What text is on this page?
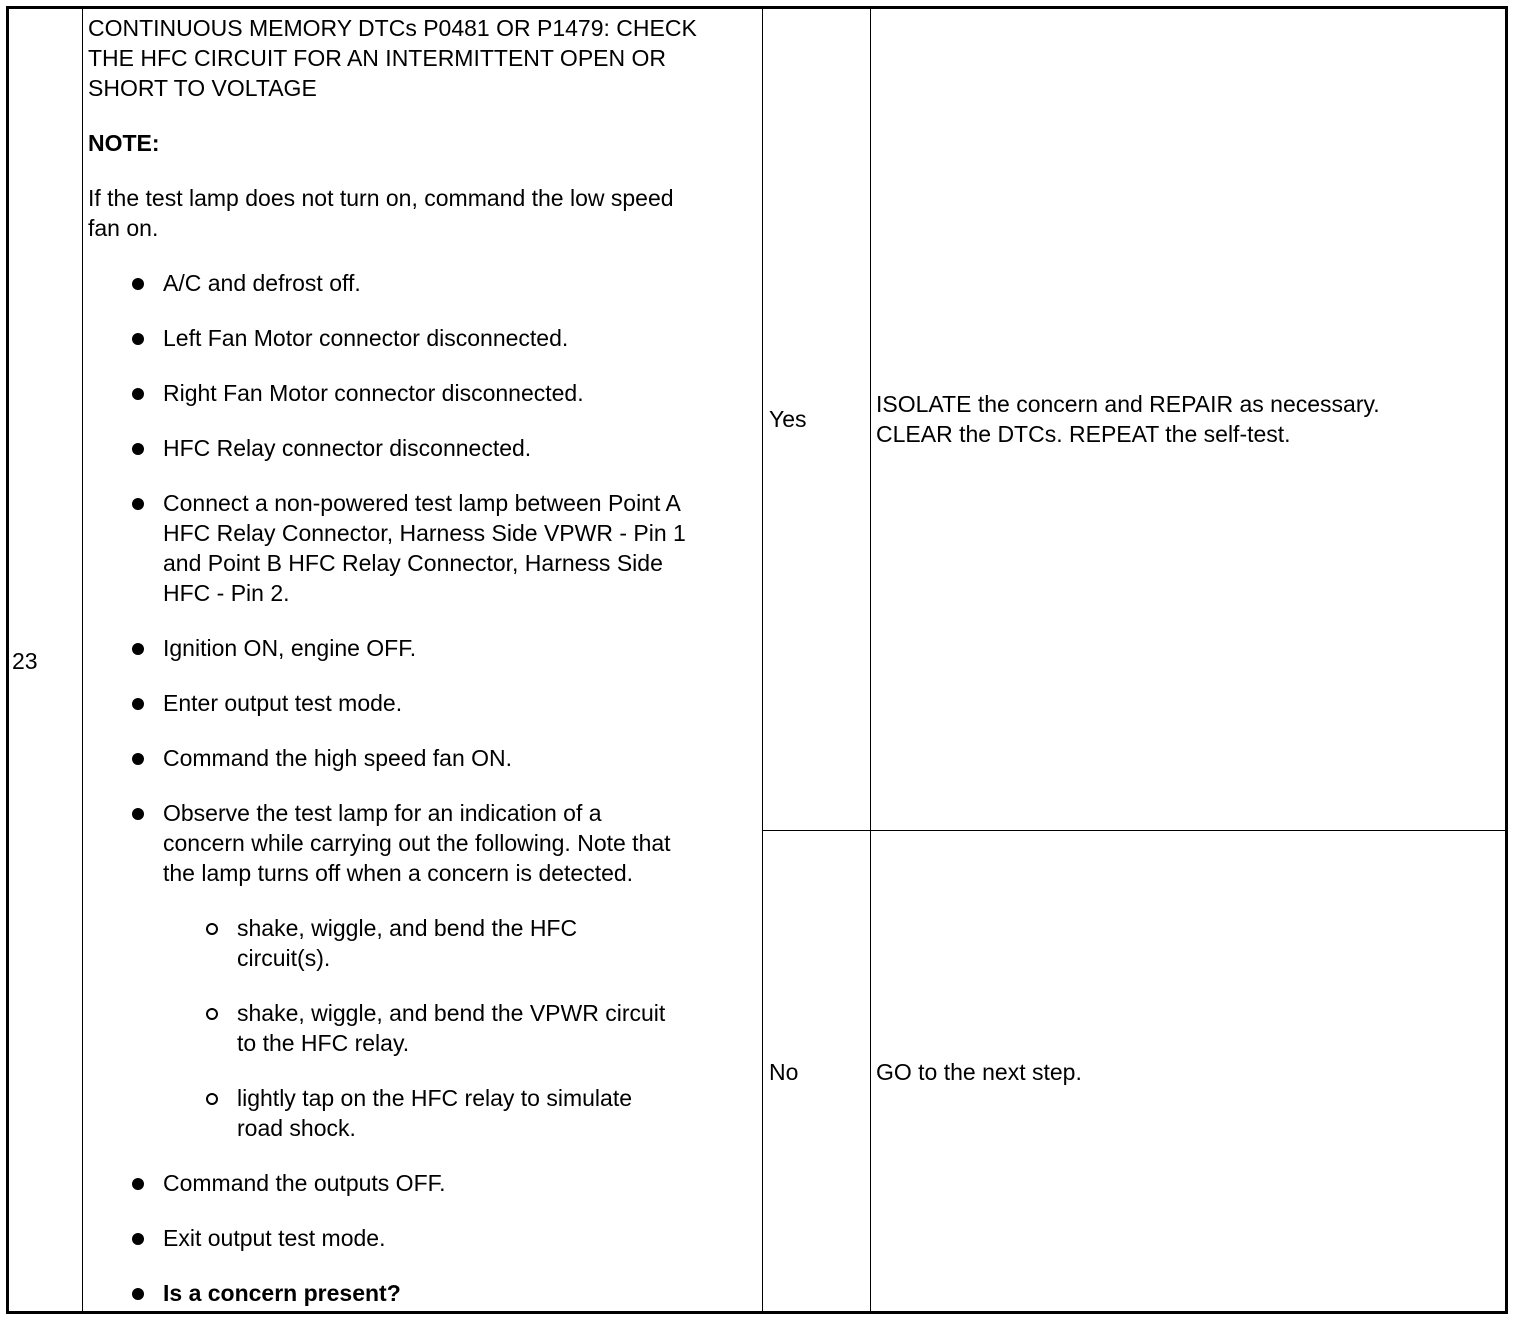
23
CONTINUOUS MEMORY DTCs P0481 OR P1479: CHECK
THE HFC CIRCUIT FOR AN INTERMITTENT OPEN OR
SHORT TO VOLTAGE
NOTE:
If the test lamp does not turn on, command the low speed
fan on.
A/C and defrost off.
Left Fan Motor connector disconnected.
Right Fan Motor connector disconnected.
HFC Relay connector disconnected.
Connect a non-powered test lamp between Point A
HFC Relay Connector, Harness Side VPWR - Pin 1
and Point B HFC Relay Connector, Harness Side
HFC - Pin 2.
Ignition ON, engine OFF.
Enter output test mode.
Command the high speed fan ON.
Observe the test lamp for an indication of a
concern while carrying out the following. Note that
the lamp turns off when a concern is detected.
shake, wiggle, and bend the HFC
circuit(s).
shake, wiggle, and bend the VPWR circuit
to the HFC relay.
lightly tap on the HFC relay to simulate
road shock.
Command the outputs OFF.
Exit output test mode.
Is a concern present?
Yes
ISOLATE the concern and REPAIR as necessary.
CLEAR the DTCs. REPEAT the self-test.
No	GO to the next step.
